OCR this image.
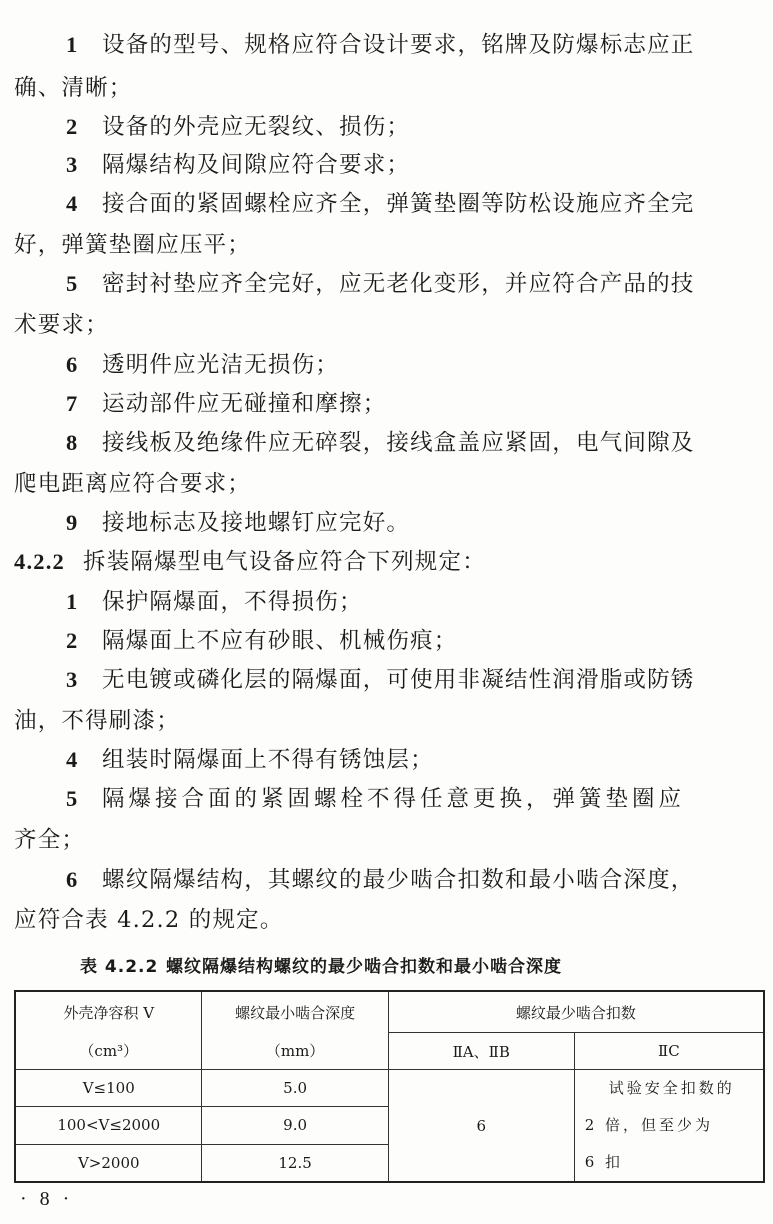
1 设备的型号、规格应符合设计要求，铭牌及防爆标志应正
确、清晰；
2 设备的外壳应无裂纹、损伤；
3 隔爆结构及间隙应符合要求；
4 接合面的紧固螺栓应齐全，弹簧垫圈等防松设施应齐全完
好，弹簧垫圈应压平；
5 密封衬垫应齐全完好，应无老化变形，并应符合产品的技
术要求；
6 透明件应光洁无损伤；
7 运动部件应无碰撞和摩擦；
8 接线板及绝缘件应无碎裂，接线盒盖应紧固，电气间隙及
爬电距离应符合要求；
9 接地标志及接地螺钉应完好。
4.2.2 拆装隔爆型电气设备应符合下列规定：
1 保护隔爆面，不得损伤；
2 隔爆面上不应有砂眼、机械伤痕；
3 无电镀或磷化层的隔爆面，可使用非凝结性润滑脂或防锈
油，不得刷漆；
4 组装时隔爆面上不得有锈蚀层；
5 隔爆接合面的紧固螺栓不得任意更换，弹簧垫圈应
齐全；
6 螺纹隔爆结构，其螺纹的最少啮合扣数和最小啮合深度，
应符合表 4.2.2 的规定。
表 4.2.2 螺纹隔爆结构螺纹的最少啮合扣数和最小啮合深度
外壳净容积 V	螺纹最小啮合深度	螺纹最少啮合扣数	
（cm³）	（mm）	ⅡA、ⅡB	ⅡC
V≤100	5.0	6	试验安全扣数的
2 倍，但至少为
6 扣

100<V≤2000	9.0		
V>2000	12.5		
· 8 ·
